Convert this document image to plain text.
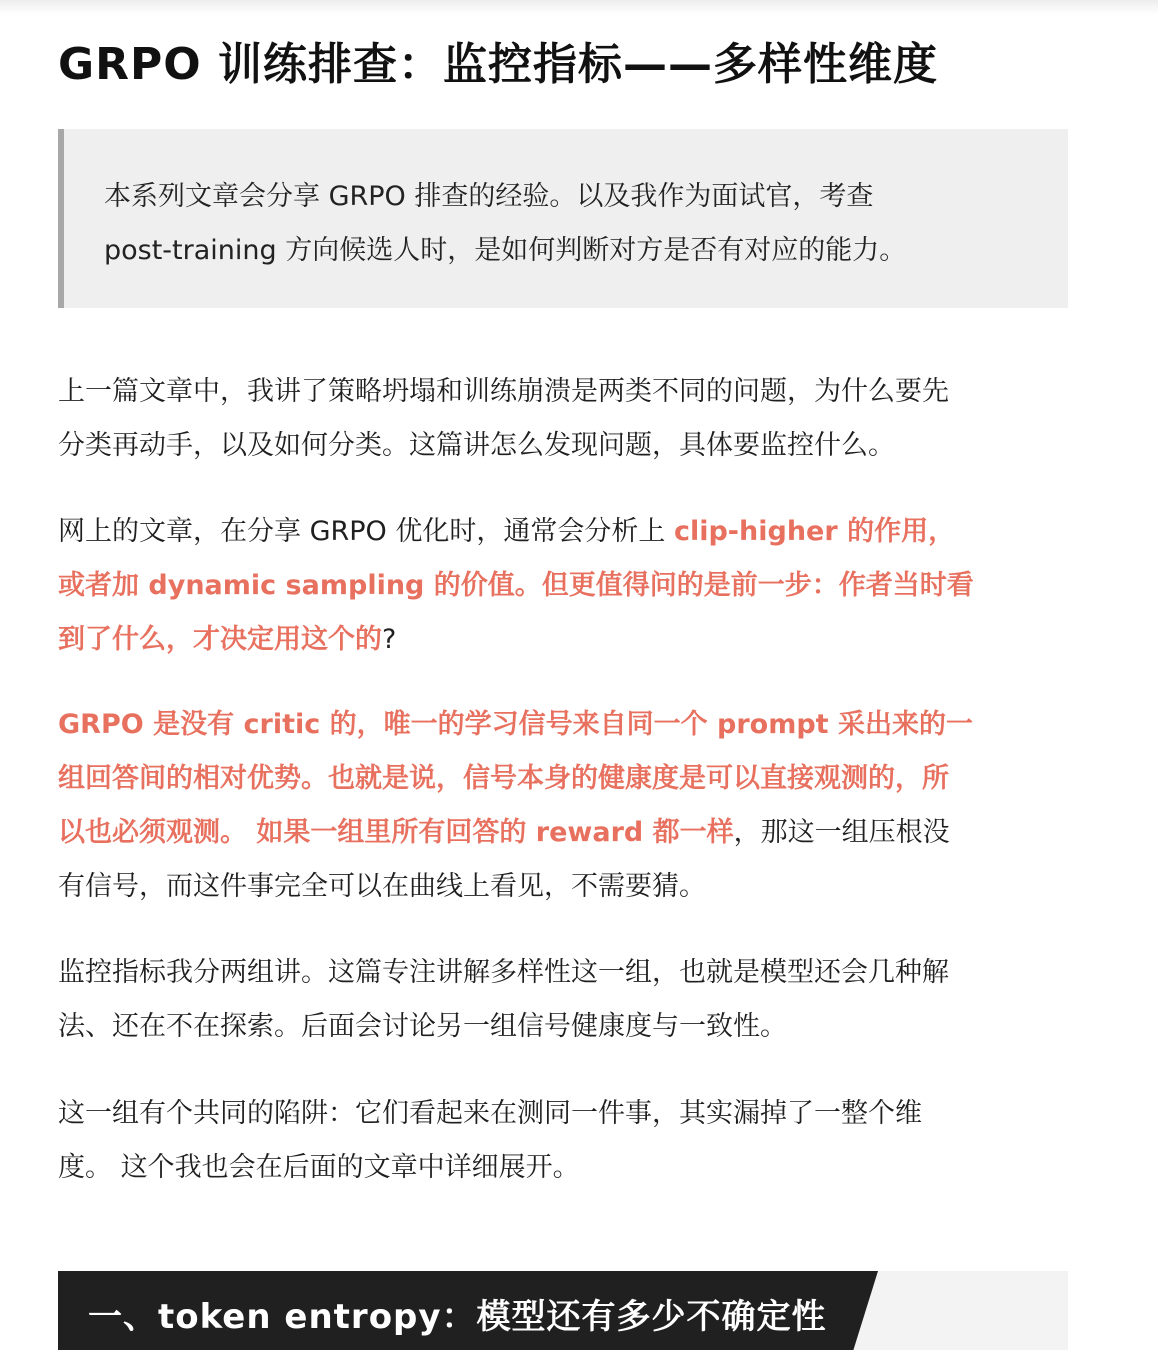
GRPO 训练排查：监控指标——多样性维度

本系列文章会分享 GRPO 排查的经验。以及我作为面试官，考查

post-training 方向候选人时，是如何判断对方是否有对应的能力。

上一篇文章中，我讲了策略坍塌和训练崩溃是两类不同的问题，为什么要先

分类再动手，以及如何分类。这篇讲怎么发现问题，具体要监控什么。

网上的文章，在分享 GRPO 优化时，通常会分析上 clip-higher 的作用，

或者加 dynamic sampling 的价值。但更值得问的是前一步：作者当时看

到了什么，才决定用这个的?

GRPO 是没有 critic 的，唯一的学习信号来自同一个 prompt 采出来的一

组回答间的相对优势。也就是说，信号本身的健康度是可以直接观测的，所

以也必须观测。 如果一组里所有回答的 reward 都一样，那这一组压根没

有信号，而这件事完全可以在曲线上看见，不需要猜。

监控指标我分两组讲。这篇专注讲解多样性这一组，也就是模型还会几种解

法、还在不在探索。后面会讨论另一组信号健康度与一致性。

这一组有个共同的陷阱：它们看起来在测同一件事，其实漏掉了一整个维

度。 这个我也会在后面的文章中详细展开。

一、token entropy：模型还有多少不确定性
